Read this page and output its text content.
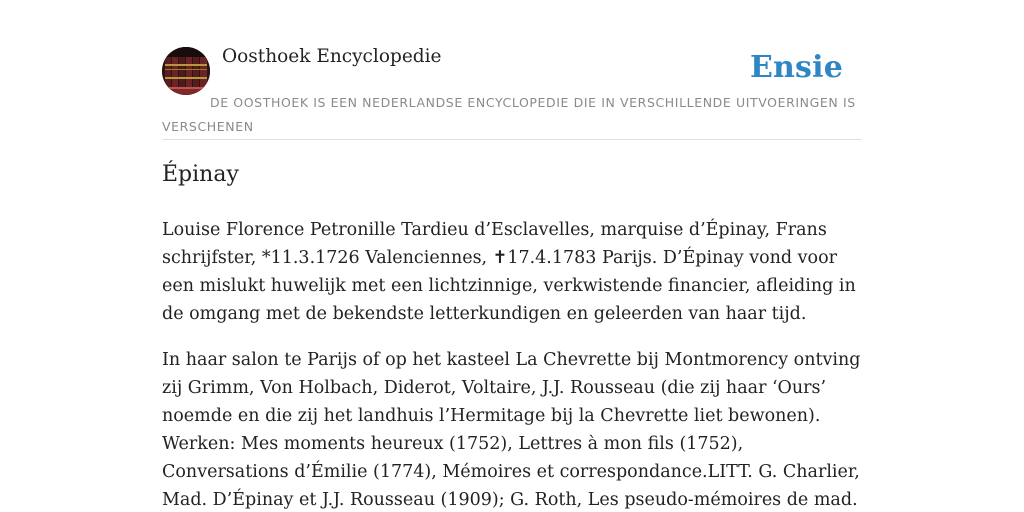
Oosthoek Encyclopedie	Ensie
DE OOSTHOEK IS EEN NEDERLANDSE ENCYCLOPEDIE DIE IN VERSCHILLENDE UITVOERINGEN IS VERSCHENEN
Épinay

Louise Florence Petronille Tardieu d’Esclavelles, marquise d’Épinay, Frans schrijfster, *11.3.1726 Valenciennes, ✝17.4.1783 Parijs. D’Épinay vond voor een mislukt huwelijk met een lichtzinnige, verkwistende financier, afleiding in de omgang met de bekendste letterkundigen en geleerden van haar tijd.

In haar salon te Parijs of op het kasteel La Chevrette bij Montmorency ontving zij Grimm, Von Holbach, Diderot, Voltaire, J.J. Rousseau (die zij haar ‘Ours’ noemde en die zij het landhuis l’Hermitage bij la Chevrette liet bewonen). Werken: Mes moments heureux (1752), Lettres à mon fils (1752), Conversations d’Émilie (1774), Mémoires et correspondance.LITT. G. Charlier, Mad. D’Épinay et J.J. Rousseau (1909); G. Roth, Les pseudo-mémoires de mad.
